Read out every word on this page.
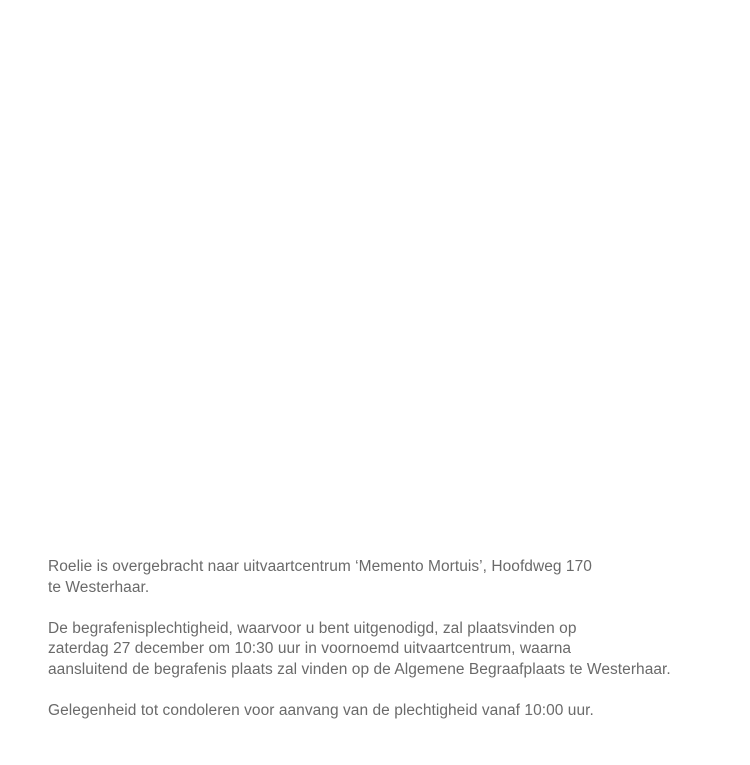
Roelie is overgebracht naar uitvaartcentrum ‘Memento Mortuis’, Hoofdweg 170
te Westerhaar.

De begrafenisplechtigheid, waarvoor u bent uitgenodigd, zal plaatsvinden op
zaterdag 27 december om 10:30 uur in voornoemd uitvaartcentrum, waarna
aansluitend de begrafenis plaats zal vinden op de Algemene Begraafplaats te Westerhaar.

Gelegenheid tot condoleren voor aanvang van de plechtigheid vanaf 10:00 uur.
